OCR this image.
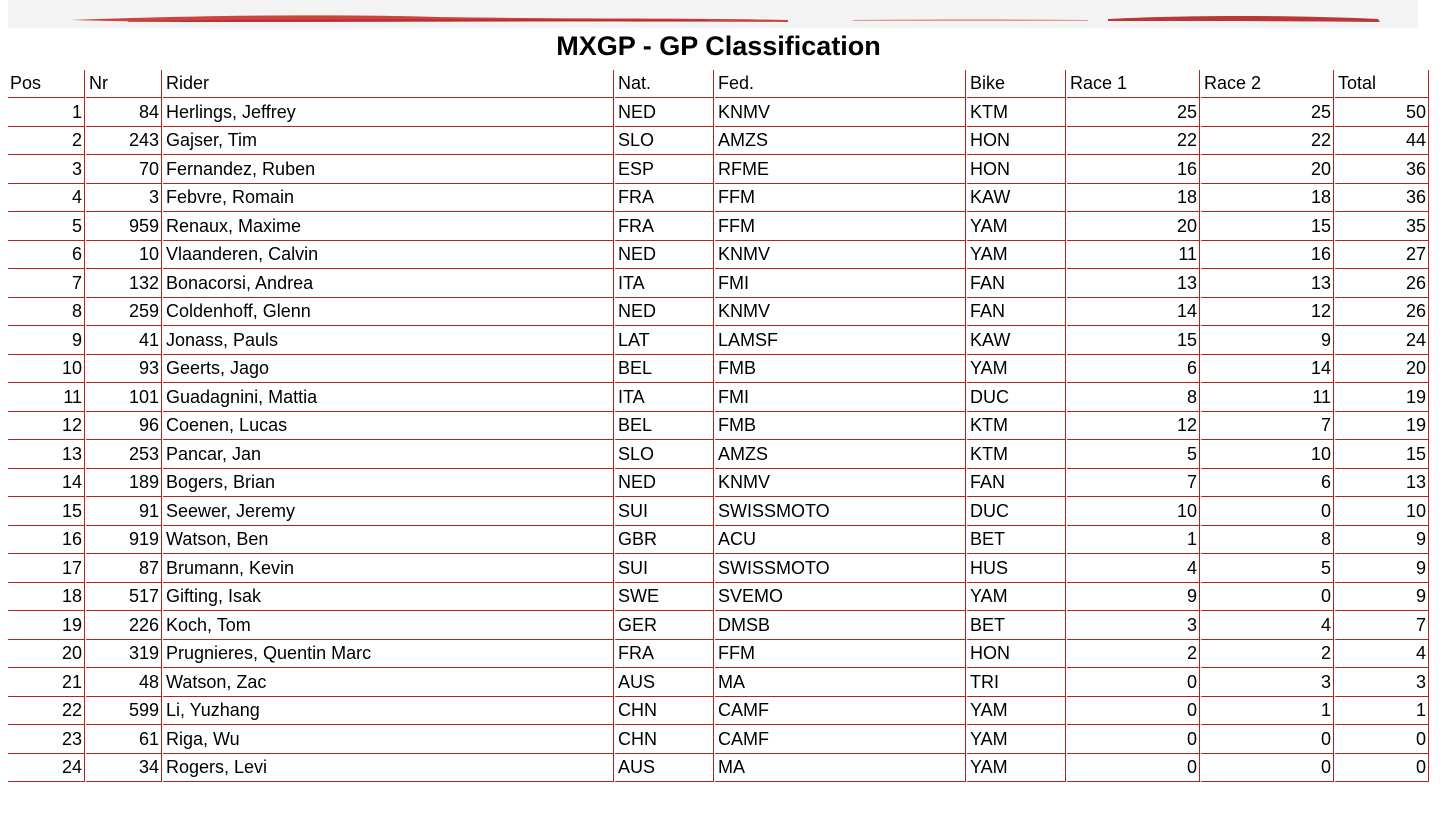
MXGP - GP Classification
Pos	Nr	Rider	Nat.	Fed.	Bike	Race 1	Race 2	Total
1	84	Herlings, Jeffrey	NED	KNMV	KTM	25	25	50
2	243	Gajser, Tim	SLO	AMZS	HON	22	22	44
3	70	Fernandez, Ruben	ESP	RFME	HON	16	20	36
4	3	Febvre, Romain	FRA	FFM	KAW	18	18	36
5	959	Renaux, Maxime	FRA	FFM	YAM	20	15	35
6	10	Vlaanderen, Calvin	NED	KNMV	YAM	11	16	27
7	132	Bonacorsi, Andrea	ITA	FMI	FAN	13	13	26
8	259	Coldenhoff, Glenn	NED	KNMV	FAN	14	12	26
9	41	Jonass, Pauls	LAT	LAMSF	KAW	15	9	24
10	93	Geerts, Jago	BEL	FMB	YAM	6	14	20
11	101	Guadagnini, Mattia	ITA	FMI	DUC	8	11	19
12	96	Coenen, Lucas	BEL	FMB	KTM	12	7	19
13	253	Pancar, Jan	SLO	AMZS	KTM	5	10	15
14	189	Bogers, Brian	NED	KNMV	FAN	7	6	13
15	91	Seewer, Jeremy	SUI	SWISSMOTO	DUC	10	0	10
16	919	Watson, Ben	GBR	ACU	BET	1	8	9
17	87	Brumann, Kevin	SUI	SWISSMOTO	HUS	4	5	9
18	517	Gifting, Isak	SWE	SVEMO	YAM	9	0	9
19	226	Koch, Tom	GER	DMSB	BET	3	4	7
20	319	Prugnieres, Quentin Marc	FRA	FFM	HON	2	2	4
21	48	Watson, Zac	AUS	MA	TRI	0	3	3
22	599	Li, Yuzhang	CHN	CAMF	YAM	0	1	1
23	61	Riga, Wu	CHN	CAMF	YAM	0	0	0
24	34	Rogers, Levi	AUS	MA	YAM	0	0	0
